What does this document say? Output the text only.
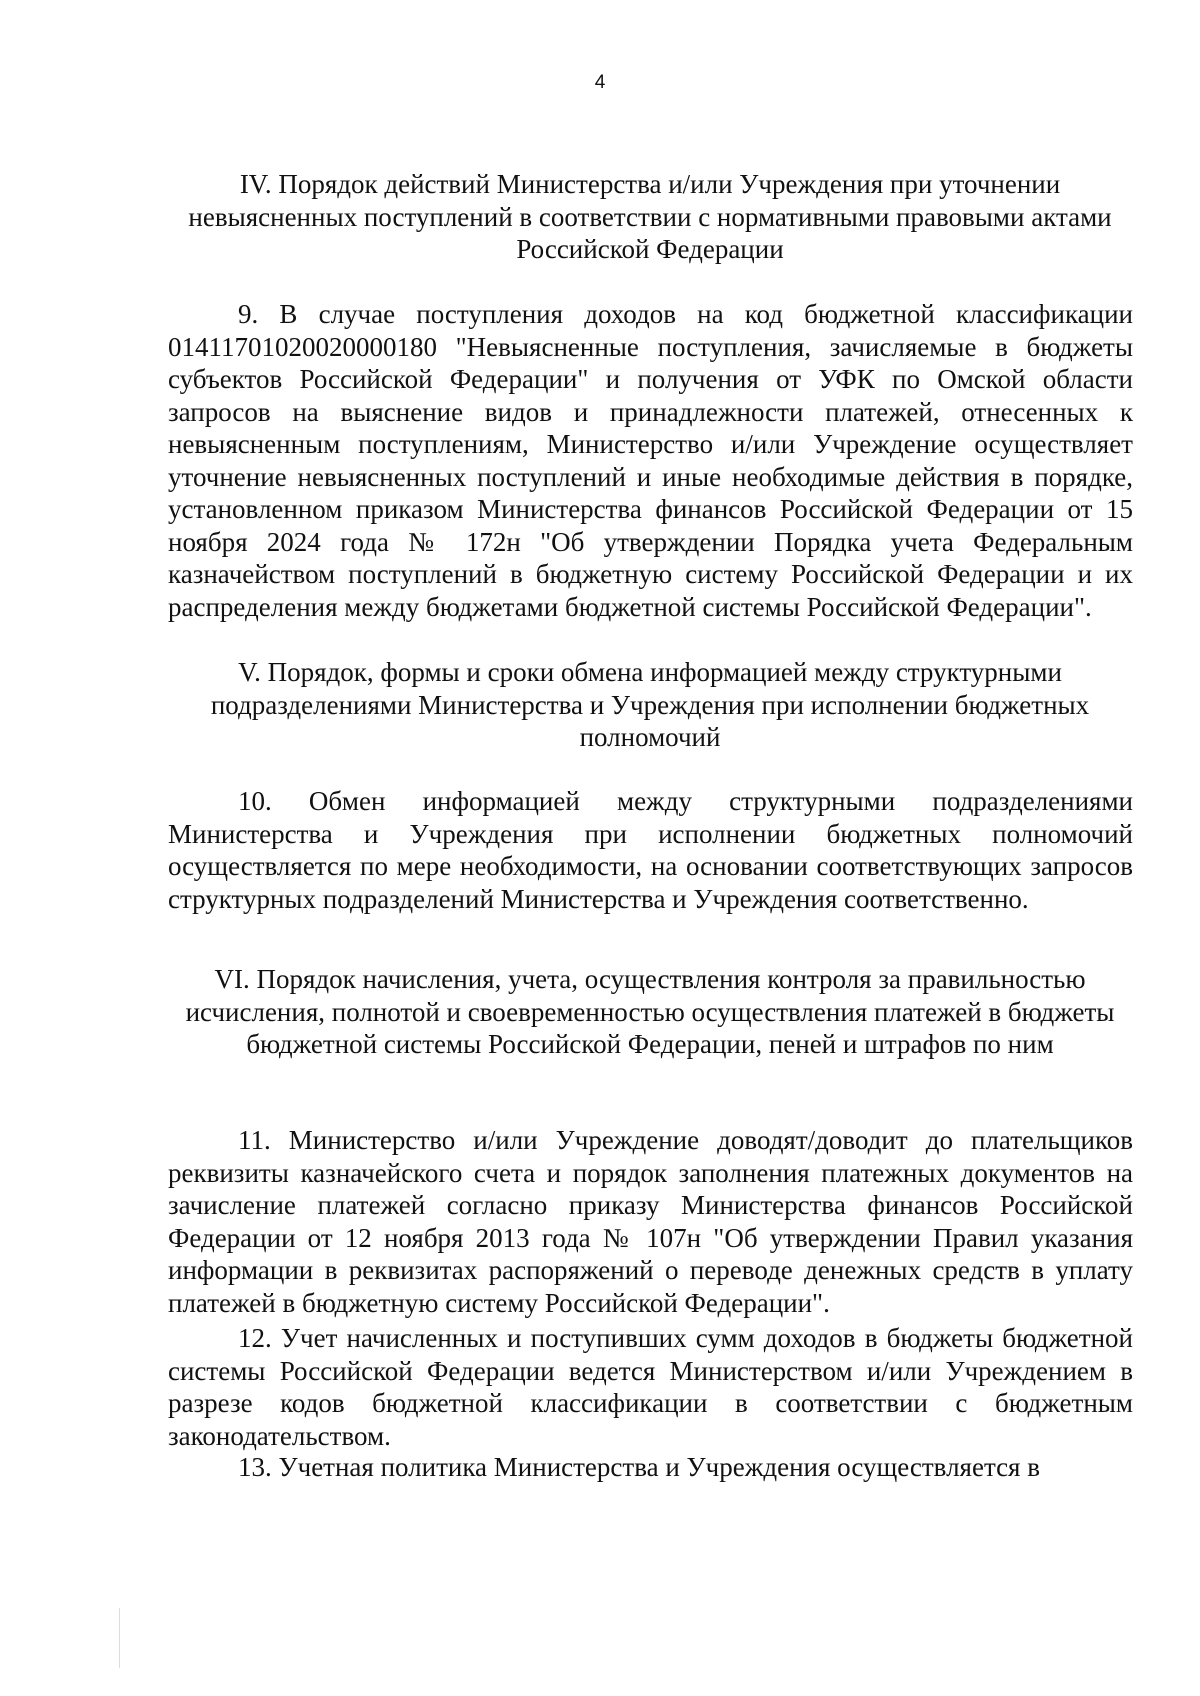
4
IV. Порядок действий Министерства и/или Учреждения при уточнении невыясненных поступлений в соответствии с нормативными правовыми актами Российской Федерации
9. В случае поступления доходов на код бюджетной классификации 01411701020020000180 "Невыясненные поступления, зачисляемые в бюджеты субъектов Российской Федерации" и получения от УФК по Омской области запросов на выяснение видов и принадлежности платежей, отнесенных к невыясненным поступлениям, Министерство и/или Учреждение осуществляет уточнение невыясненных поступлений и иные необходимые действия в порядке, установленном приказом Министерства финансов Российской Федерации от 15 ноября 2024 года № 172н "Об утверждении Порядка учета Федеральным казначейством поступлений в бюджетную систему Российской Федерации и их распределения между бюджетами бюджетной системы Российской Федерации".
V. Порядок, формы и сроки обмена информацией между структурными подразделениями Министерства и Учреждения при исполнении бюджетных полномочий
10. Обмен информацией между структурными подразделениями Министерства и Учреждения при исполнении бюджетных полномочий осуществляется по мере необходимости, на основании соответствующих запросов структурных подразделений Министерства и Учреждения соответственно.
VI. Порядок начисления, учета, осуществления контроля за правильностью исчисления, полнотой и своевременностью осуществления платежей в бюджеты бюджетной системы Российской Федерации, пеней и штрафов по ним
11. Министерство и/или Учреждение доводят/доводит до плательщиков реквизиты казначейского счета и порядок заполнения платежных документов на зачисление платежей согласно приказу Министерства финансов Российской Федерации от 12 ноября 2013 года № 107н "Об утверждении Правил указания информации в реквизитах распоряжений о переводе денежных средств в уплату платежей в бюджетную систему Российской Федерации".
12. Учет начисленных и поступивших сумм доходов в бюджеты бюджетной системы Российской Федерации ведется Министерством и/или Учреждением в разрезе кодов бюджетной классификации в соответствии с бюджетным законодательством.
13. Учетная политика Министерства и Учреждения осуществляется в
